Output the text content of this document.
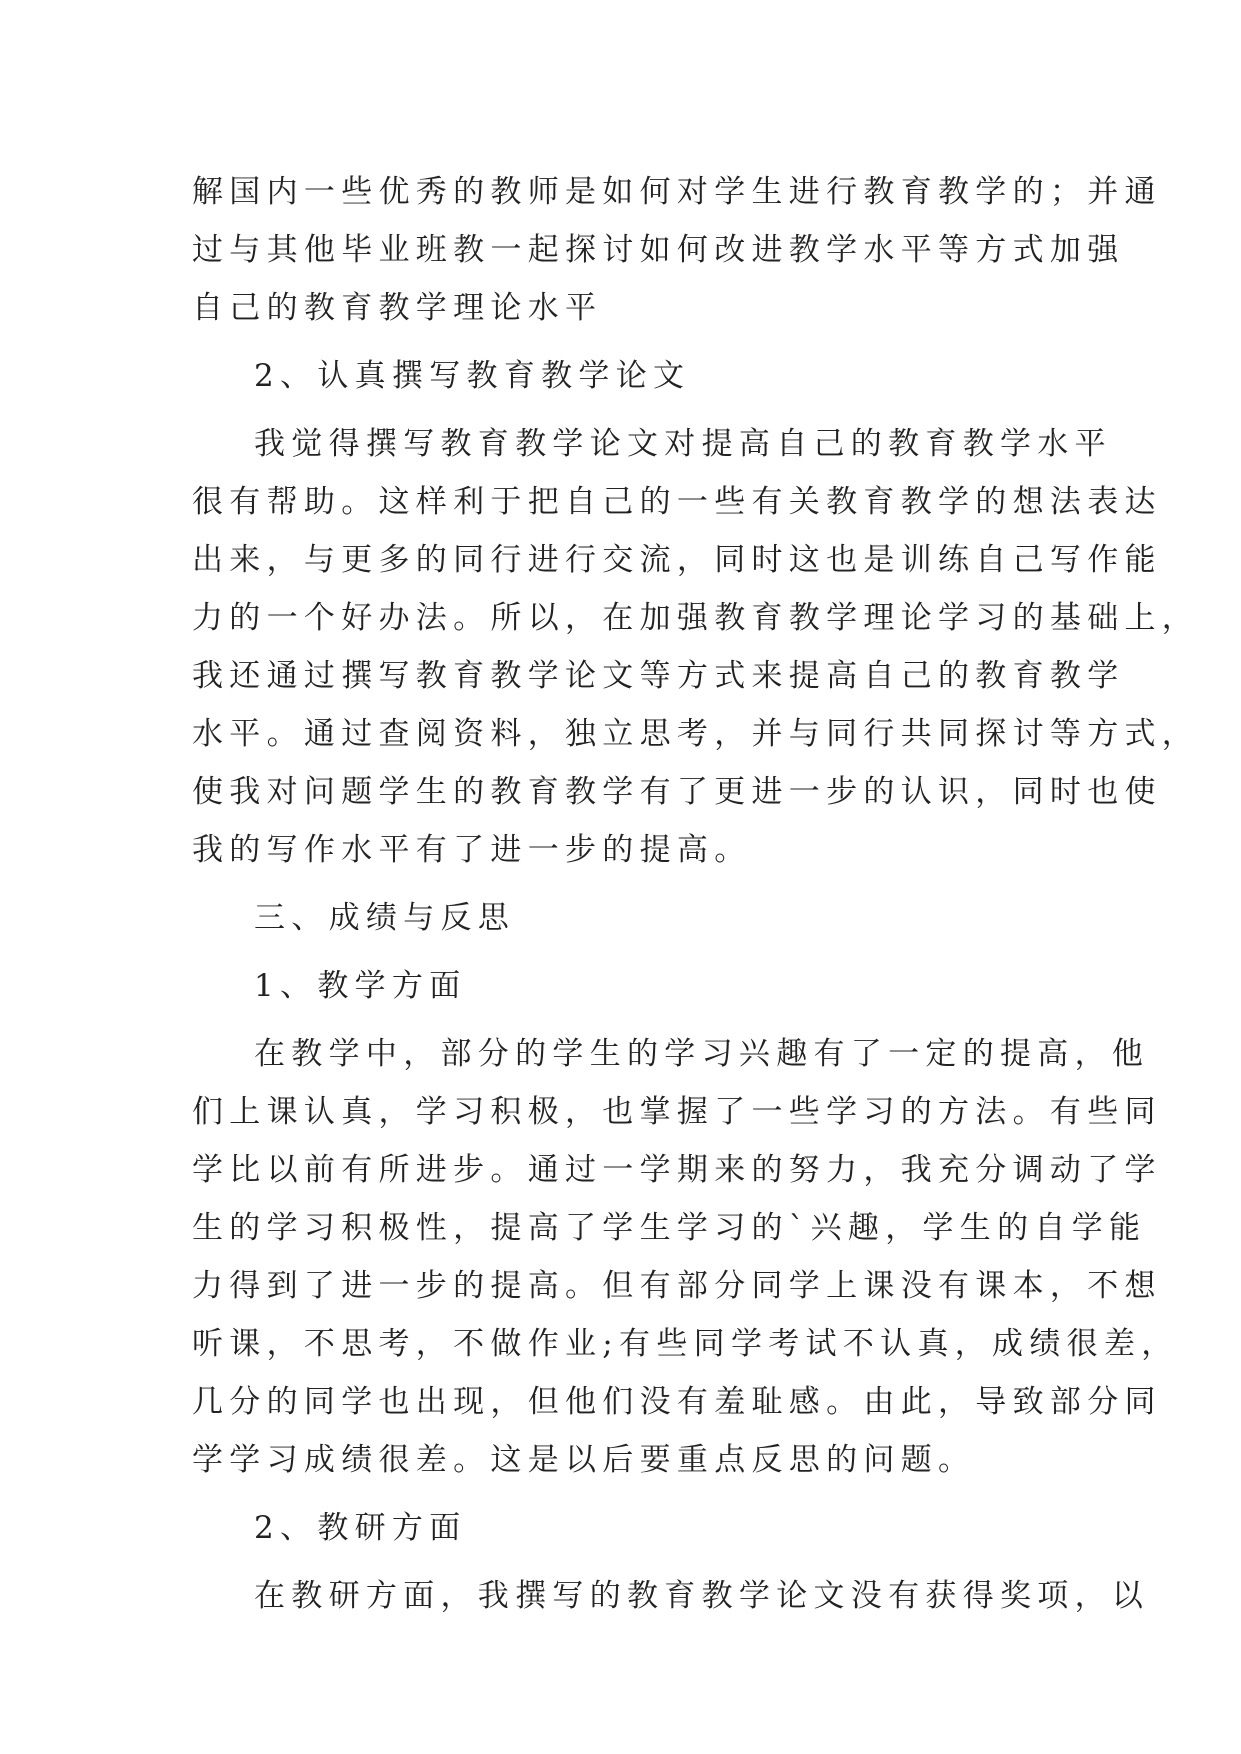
解国内一些优秀的教师是如何对学生进行教育教学的；并通
过与其他毕业班教一起探讨如何改进教学水平等方式加强
自己的教育教学理论水平
2、认真撰写教育教学论文
我觉得撰写教育教学论文对提高自己的教育教学水平
很有帮助。这样利于把自己的一些有关教育教学的想法表达
出来，与更多的同行进行交流，同时这也是训练自己写作能
力的一个好办法。所以，在加强教育教学理论学习的基础上，
我还通过撰写教育教学论文等方式来提高自己的教育教学
水平。通过查阅资料，独立思考，并与同行共同探讨等方式，
使我对问题学生的教育教学有了更进一步的认识，同时也使
我的写作水平有了进一步的提高。
三、成绩与反思
1、教学方面
在教学中，部分的学生的学习兴趣有了一定的提高，他
们上课认真，学习积极，也掌握了一些学习的方法。有些同
学比以前有所进步。通过一学期来的努力，我充分调动了学
生的学习积极性，提高了学生学习的`兴趣，学生的自学能
力得到了进一步的提高。但有部分同学上课没有课本，不想
听课，不思考，不做作业;有些同学考试不认真，成绩很差，
几分的同学也出现，但他们没有羞耻感。由此，导致部分同
学学习成绩很差。这是以后要重点反思的问题。
2、教研方面
在教研方面，我撰写的教育教学论文没有获得奖项，以
